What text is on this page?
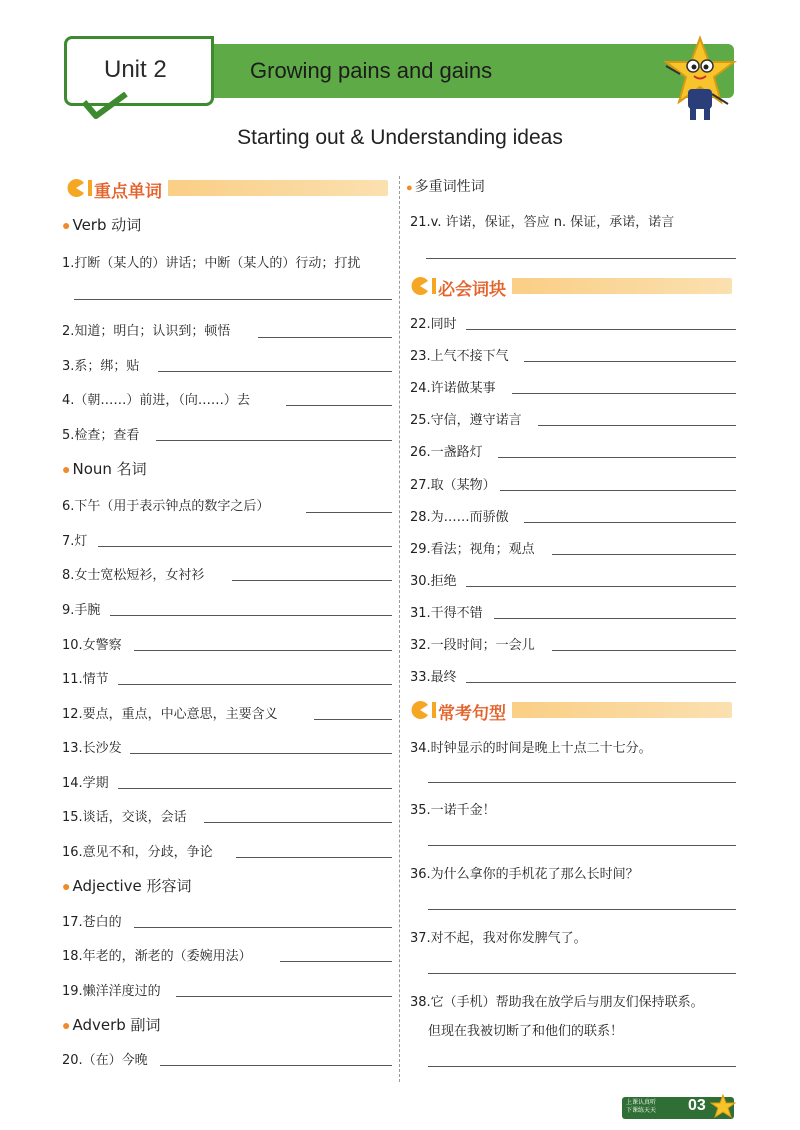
Unit 2	Growing pains and gains
Starting out & Understanding ideas
重点单词
● Verb 动词
1.打断（某人的）讲话；中断（某人的）行动；打扰
2.知道；明白；认识到；顿悟
3.系；绑；贴
4.（朝……）前进，（向……）去
5.检查；查看
● Noun 名词
6.下午（用于表示钟点的数字之后）
7.灯
8.女士宽松短衫，女衬衫
9.手腕
10.女警察
11.情节
12.要点，重点，中心意思，主要含义
13.长沙发
14.学期
15.谈话，交谈，会话
16.意见不和，分歧，争论
● Adjective 形容词
17.苍白的
18.年老的，渐老的（委婉用法）
19.懒洋洋度过的
● Adverb 副词
20.（在）今晚
● 多重词性词
21.v. 许诺，保证，答应 n. 保证，承诺，诺言
必会词块
22.同时
23.上气不接下气
24.许诺做某事
25.守信，遵守诺言
26.一盏路灯
27.取（某物）
28.为……而骄傲
29.看法；视角；观点
30.拒绝
31.干得不错
32.一段时间；一会儿
33.最终
常考句型
34.时钟显示的时间是晚上十点二十七分。
35.一诺千金！
36.为什么拿你的手机花了那么长时间？
37.对不起，我对你发脾气了。
38.它（手机）帮助我在放学后与朋友们保持联系。
但现在我被切断了和他们的联系！
上课认真听
下课练天天 03
